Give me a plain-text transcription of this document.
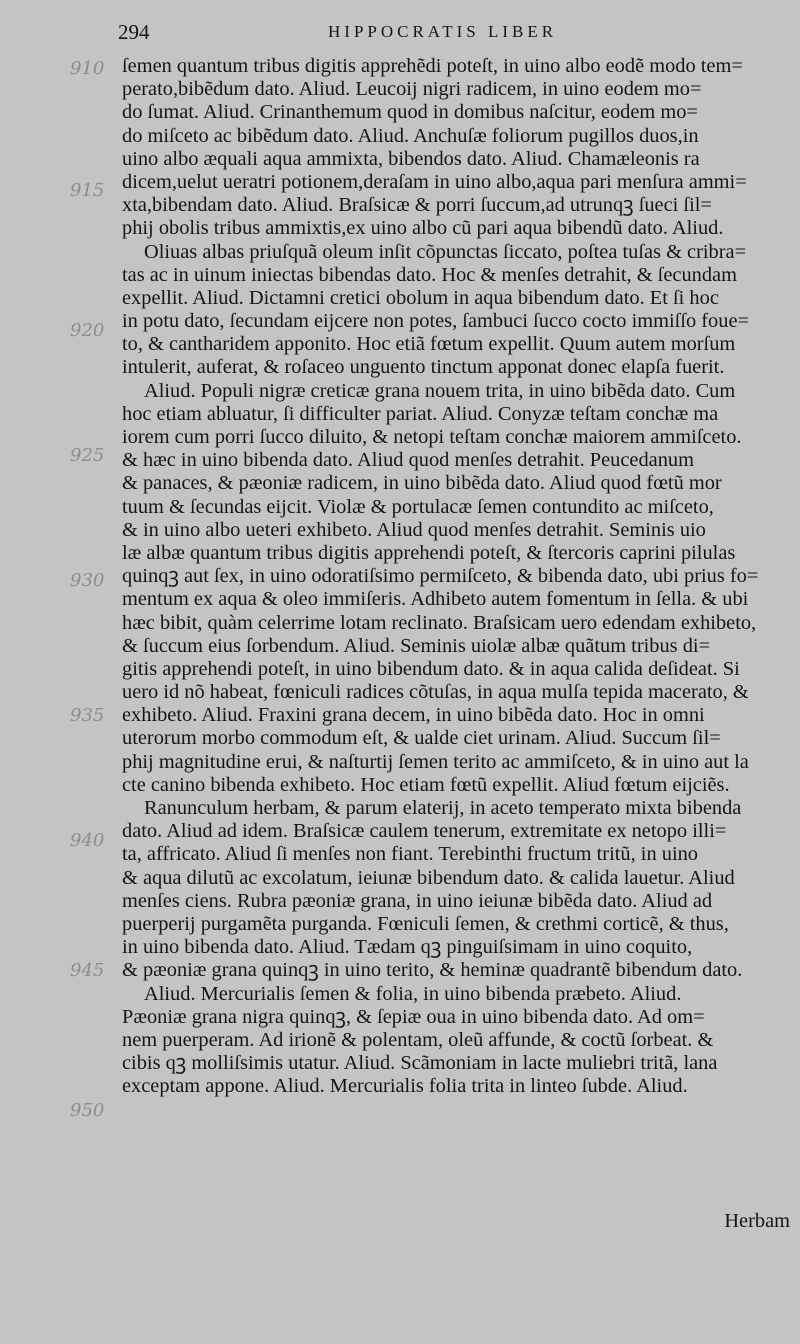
294	HIPPOCRATIS LIBER
910
915
920
925
930
935
940
945
950
ſemen quantum tribus digitis apprehẽdi poteſt, in uino albo eodẽ modo tem=
perato,bibẽdum dato. Aliud. Leucoij nigri radicem, in uino eodem mo=
do ſumat. Aliud. Crinanthemum quod in domibus naſcitur, eodem mo=
do miſceto ac bibẽdum dato. Aliud. Anchuſæ foliorum pugillos duos,in
uino albo æquali aqua ammixta, bibendos dato. Aliud. Chamæleonis ra
dicem,uelut ueratri potionem,deraſam in uino albo,aqua pari menſura ammi=
xta,bibendam dato. Aliud. Braſsicæ & porri ſuccum,ad utrunqꝫ ſueci ſil=
phij obolis tribus ammixtis,ex uino albo cũ pari aqua bibendũ dato. Aliud.
Oliuas albas priuſquã oleum inſit cõpunctas ſiccato, poſtea tuſas & cribra=
tas ac in uinum iniectas bibendas dato. Hoc & menſes detrahit, & ſecundam
expellit. Aliud. Dictamni cretici obolum in aqua bibendum dato. Et ſi hoc
in potu dato, ſecundam eijcere non potes, ſambuci ſucco cocto immiſſo foue=
to, & cantharidem apponito. Hoc etiã fœtum expellit. Quum autem morſum
intulerit, auferat, & roſaceo unguento tinctum apponat donec elapſa fuerit.
Aliud. Populi nigræ creticæ grana nouem trita, in uino bibẽda dato. Cum
hoc etiam abluatur, ſi difficulter pariat. Aliud. Conyzæ teſtam conchæ ma
iorem cum porri ſucco diluito, & netopi teſtam conchæ maiorem ammiſceto.
& hæc in uino bibenda dato. Aliud quod menſes detrahit. Peucedanum
& panaces, & pæoniæ radicem, in uino bibẽda dato. Aliud quod fœtũ mor
tuum & ſecundas eijcit. Violæ & portulacæ ſemen contundito ac miſceto,
& in uino albo ueteri exhibeto. Aliud quod menſes detrahit. Seminis uio
læ albæ quantum tribus digitis apprehendi poteſt, & ſtercoris caprini pilulas
quinqꝫ aut ſex, in uino odoratiſsimo permiſceto, & bibenda dato, ubi prius fo=
mentum ex aqua & oleo immiſeris. Adhibeto autem fomentum in ſella. & ubi
hæc bibit, quàm celerrime lotam reclinato. Braſsicam uero edendam exhibeto,
& ſuccum eius ſorbendum. Aliud. Seminis uiolæ albæ quãtum tribus di=
gitis apprehendi poteſt, in uino bibendum dato. & in aqua calida deſideat. Si
uero id nõ habeat, fœniculi radices cõtuſas, in aqua mulſa tepida macerato, &
exhibeto. Aliud. Fraxini grana decem, in uino bibẽda dato. Hoc in omni
uterorum morbo commodum eſt, & ualde ciet urinam. Aliud. Succum ſil=
phij magnitudine erui, & naſturtij ſemen terito ac ammiſceto, & in uino aut la
cte canino bibenda exhibeto. Hoc etiam fœtũ expellit. Aliud fœtum eijciẽs.
Ranunculum herbam, & parum elaterij, in aceto temperato mixta bibenda
dato. Aliud ad idem. Braſsicæ caulem tenerum, extremitate ex netopo illi=
ta, affricato. Aliud ſi menſes non fiant. Terebinthi fructum tritũ, in uino
& aqua dilutũ ac excolatum, ieiunæ bibendum dato. & calida lauetur. Aliud
menſes ciens. Rubra pæoniæ grana, in uino ieiunæ bibẽda dato. Aliud ad
puerperij purgamẽta purganda. Fœniculi ſemen, & crethmi corticẽ, & thus,
in uino bibenda dato. Aliud. Tædam qꝫ pinguiſsimam in uino coquito,
& pæoniæ grana quinqꝫ in uino terito, & heminæ quadrantẽ bibendum dato.
Aliud. Mercurialis ſemen & folia, in uino bibenda præbeto. Aliud.
Pæoniæ grana nigra quinqꝫ, & ſepiæ oua in uino bibenda dato. Ad om=
nem puerperam. Ad irionẽ & polentam, oleũ affunde, & coctũ ſorbeat. &
cibis qꝫ molliſsimis utatur. Aliud. Scãmoniam in lacte muliebri tritã, lana
exceptam appone. Aliud. Mercurialis folia trita in linteo ſubde. Aliud.
Herbam
